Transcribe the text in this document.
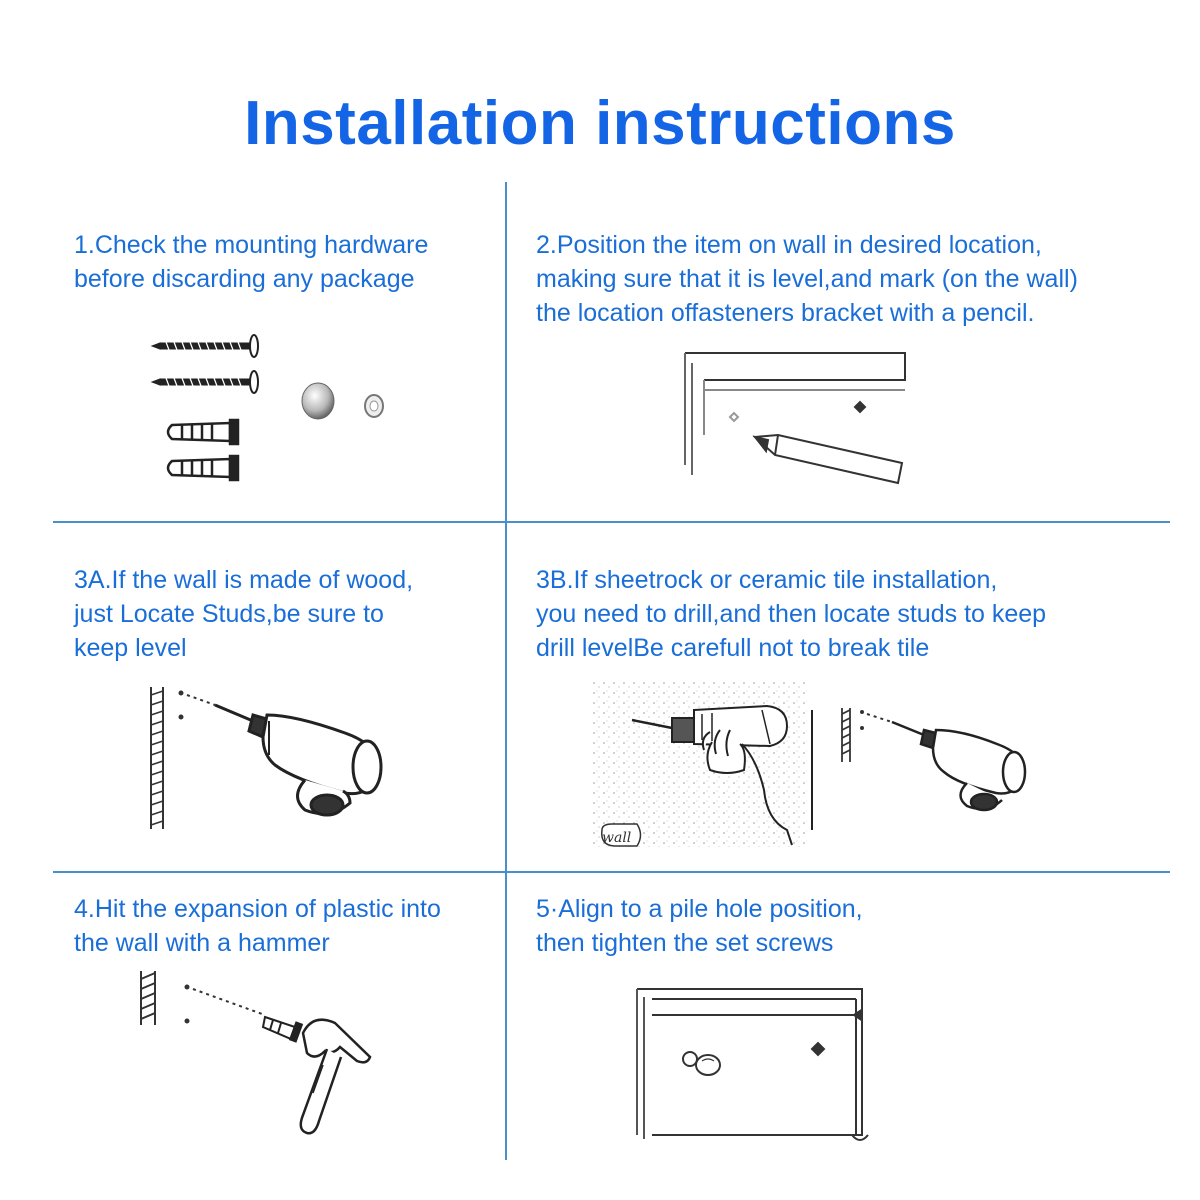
Installation instructions
1.Check the mounting hardware
before discarding any package
2.Position the item on wall in desired location,
making sure that it is level,and mark (on the wall)
the location offasteners bracket with a pencil.
3A.If the wall is made of wood,
just Locate Studs,be sure to
keep level
3B.If sheetrock or ceramic tile installation,
you need to drill,and then locate studs to keep
drill levelBe carefull not to break tile
4.Hit the expansion of plastic into
the wall with a hammer
5·Align to a pile hole position,
then tighten the set screws
wall
